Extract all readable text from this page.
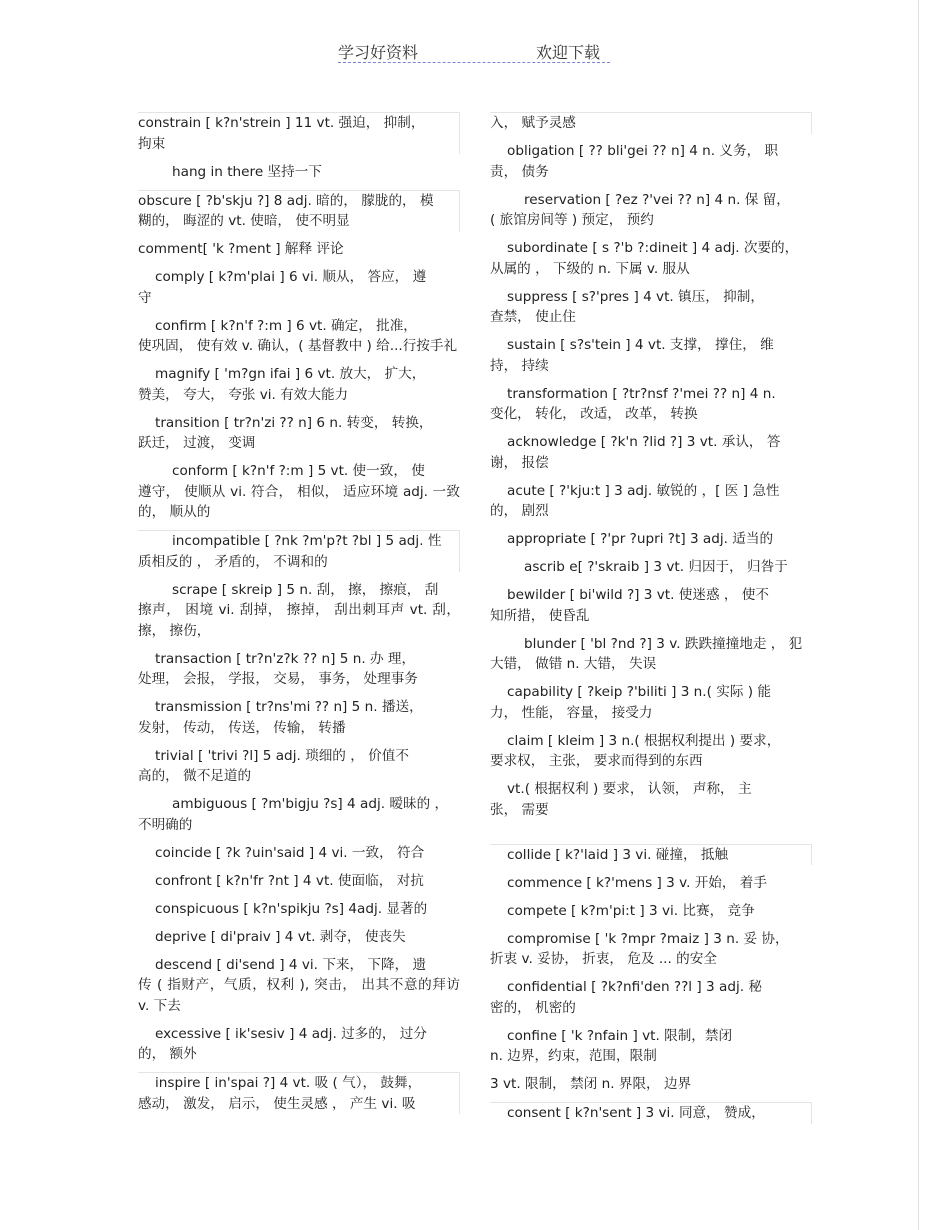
学习好资料	欢迎下载
constrain [ k?n'strein ] 11 vt. 强迫， 抑制，
拘束
hang in there 坚持一下
obscure [ ?b'skju ?] 8 adj. 暗的， 朦胧的， 模
糊的， 晦涩的 vt. 使暗， 使不明显
comment[ 'k ?ment ] 解释 评论
comply [ k?m'plai ] 6 vi. 顺从， 答应， 遵
守
confirm [ k?n'f ?:m ] 6 vt. 确定， 批准，
使巩固， 使有效 v. 确认，( 基督教中 ) 给...行按手礼
magnify [ 'm?gn ifai ] 6 vt. 放大， 扩大，
赞美， 夸大， 夸张 vi. 有效大能力
transition [ tr?n'zi ?? n] 6 n. 转变， 转换，
跃迁， 过渡， 变调
conform [ k?n'f ?:m ] 5 vt. 使一致， 使
遵守， 使顺从 vi. 符合， 相似， 适应环境 adj. 一致的， 顺从的
incompatible [ ?nk ?m'p?t ?bl ] 5 adj. 性
质相反的 ， 矛盾的， 不调和的
scrape [ skreip ] 5 n. 刮， 擦， 擦痕， 刮
擦声， 困境 vi. 刮掉， 擦掉， 刮出刺耳声 vt. 刮， 擦， 擦伤，
transaction [ tr?n'z?k ?? n] 5 n. 办 理，
处理， 会报， 学报， 交易， 事务， 处理事务
transmission [ tr?ns'mi ?? n] 5 n. 播送，
发射， 传动， 传送， 传输， 转播
trivial [ 'trivi ?l] 5 adj. 琐细的 ， 价值不
高的， 微不足道的
ambiguous [ ?m'bigju ?s] 4 adj. 暧昧的 ，
不明确的
coincide [ ?k ?uin'said ] 4 vi. 一致， 符合
confront [ k?n'fr ?nt ] 4 vt. 使面临， 对抗
conspicuous [ k?n'spikju ?s] 4adj. 显著的
deprive [ di'praiv ] 4 vt. 剥夺， 使丧失
descend [ di'send ] 4 vi. 下来， 下降， 遗
传 ( 指财产，气质，权利 ), 突击， 出其不意的拜访 v. 下去
excessive [ ik'sesiv ] 4 adj. 过多的， 过分
的， 额外
inspire [ in'spai ?] 4 vt. 吸 ( 气）， 鼓舞，
感动， 激发， 启示， 使生灵感 ， 产生 vi. 吸
入， 赋予灵感
obligation [ ?? bli'gei ?? n] 4 n. 义务， 职
责， 债务
reservation [ ?ez ?'vei ?? n] 4 n. 保 留，
( 旅馆房间等 ) 预定， 预约
subordinate [ s ?'b ?:dineit ] 4 adj. 次要的，
从属的 ， 下级的 n. 下属 v. 服从
suppress [ s?'pres ] 4 vt. 镇压， 抑制，
查禁， 使止住
sustain [ s?s'tein ] 4 vt. 支撑， 撑住， 维
持， 持续
transformation [ ?tr?nsf ?'mei ?? n] 4 n.
变化， 转化， 改适， 改革， 转换
acknowledge [ ?k'n ?lid ?] 3 vt. 承认， 答
谢， 报偿
acute [ ?'kju:t ] 3 adj. 敏锐的 ，[ 医 ] 急性
的， 剧烈
appropriate [ ?'pr ?upri ?t] 3 adj. 适当的
ascrib e[ ?'skraib ] 3 vt. 归因于， 归咎于
bewilder [ bi'wild ?] 3 vt. 使迷惑 ， 使不
知所措， 使昏乱
blunder [ 'bl ?nd ?] 3 v. 跌跌撞撞地走 ， 犯
大错， 做错 n. 大错， 失误
capability [ ?keip ?'biliti ] 3 n.( 实际 ) 能
力， 性能， 容量， 接受力
claim [ kleim ] 3 n.( 根据权利提出 ) 要求，
要求权， 主张， 要求而得到的东西
vt.( 根据权利 ) 要求， 认领， 声称， 主
张， 需要
collide [ k?'laid ] 3 vi. 碰撞， 抵触
commence [ k?'mens ] 3 v. 开始， 着手
compete [ k?m'pi:t ] 3 vi. 比赛， 竞争
compromise [ 'k ?mpr ?maiz ] 3 n. 妥 协，
折衷 v. 妥协， 折衷， 危及 ... 的安全
confidential [ ?k?nfi'den ??l ] 3 adj. 秘
密的， 机密的
confine [ 'k ?nfain ] vt. 限制，禁闭
n. 边界，约束，范围，限制
3 vt. 限制， 禁闭 n. 界限， 边界
consent [ k?n'sent ] 3 vi. 同意， 赞成，
